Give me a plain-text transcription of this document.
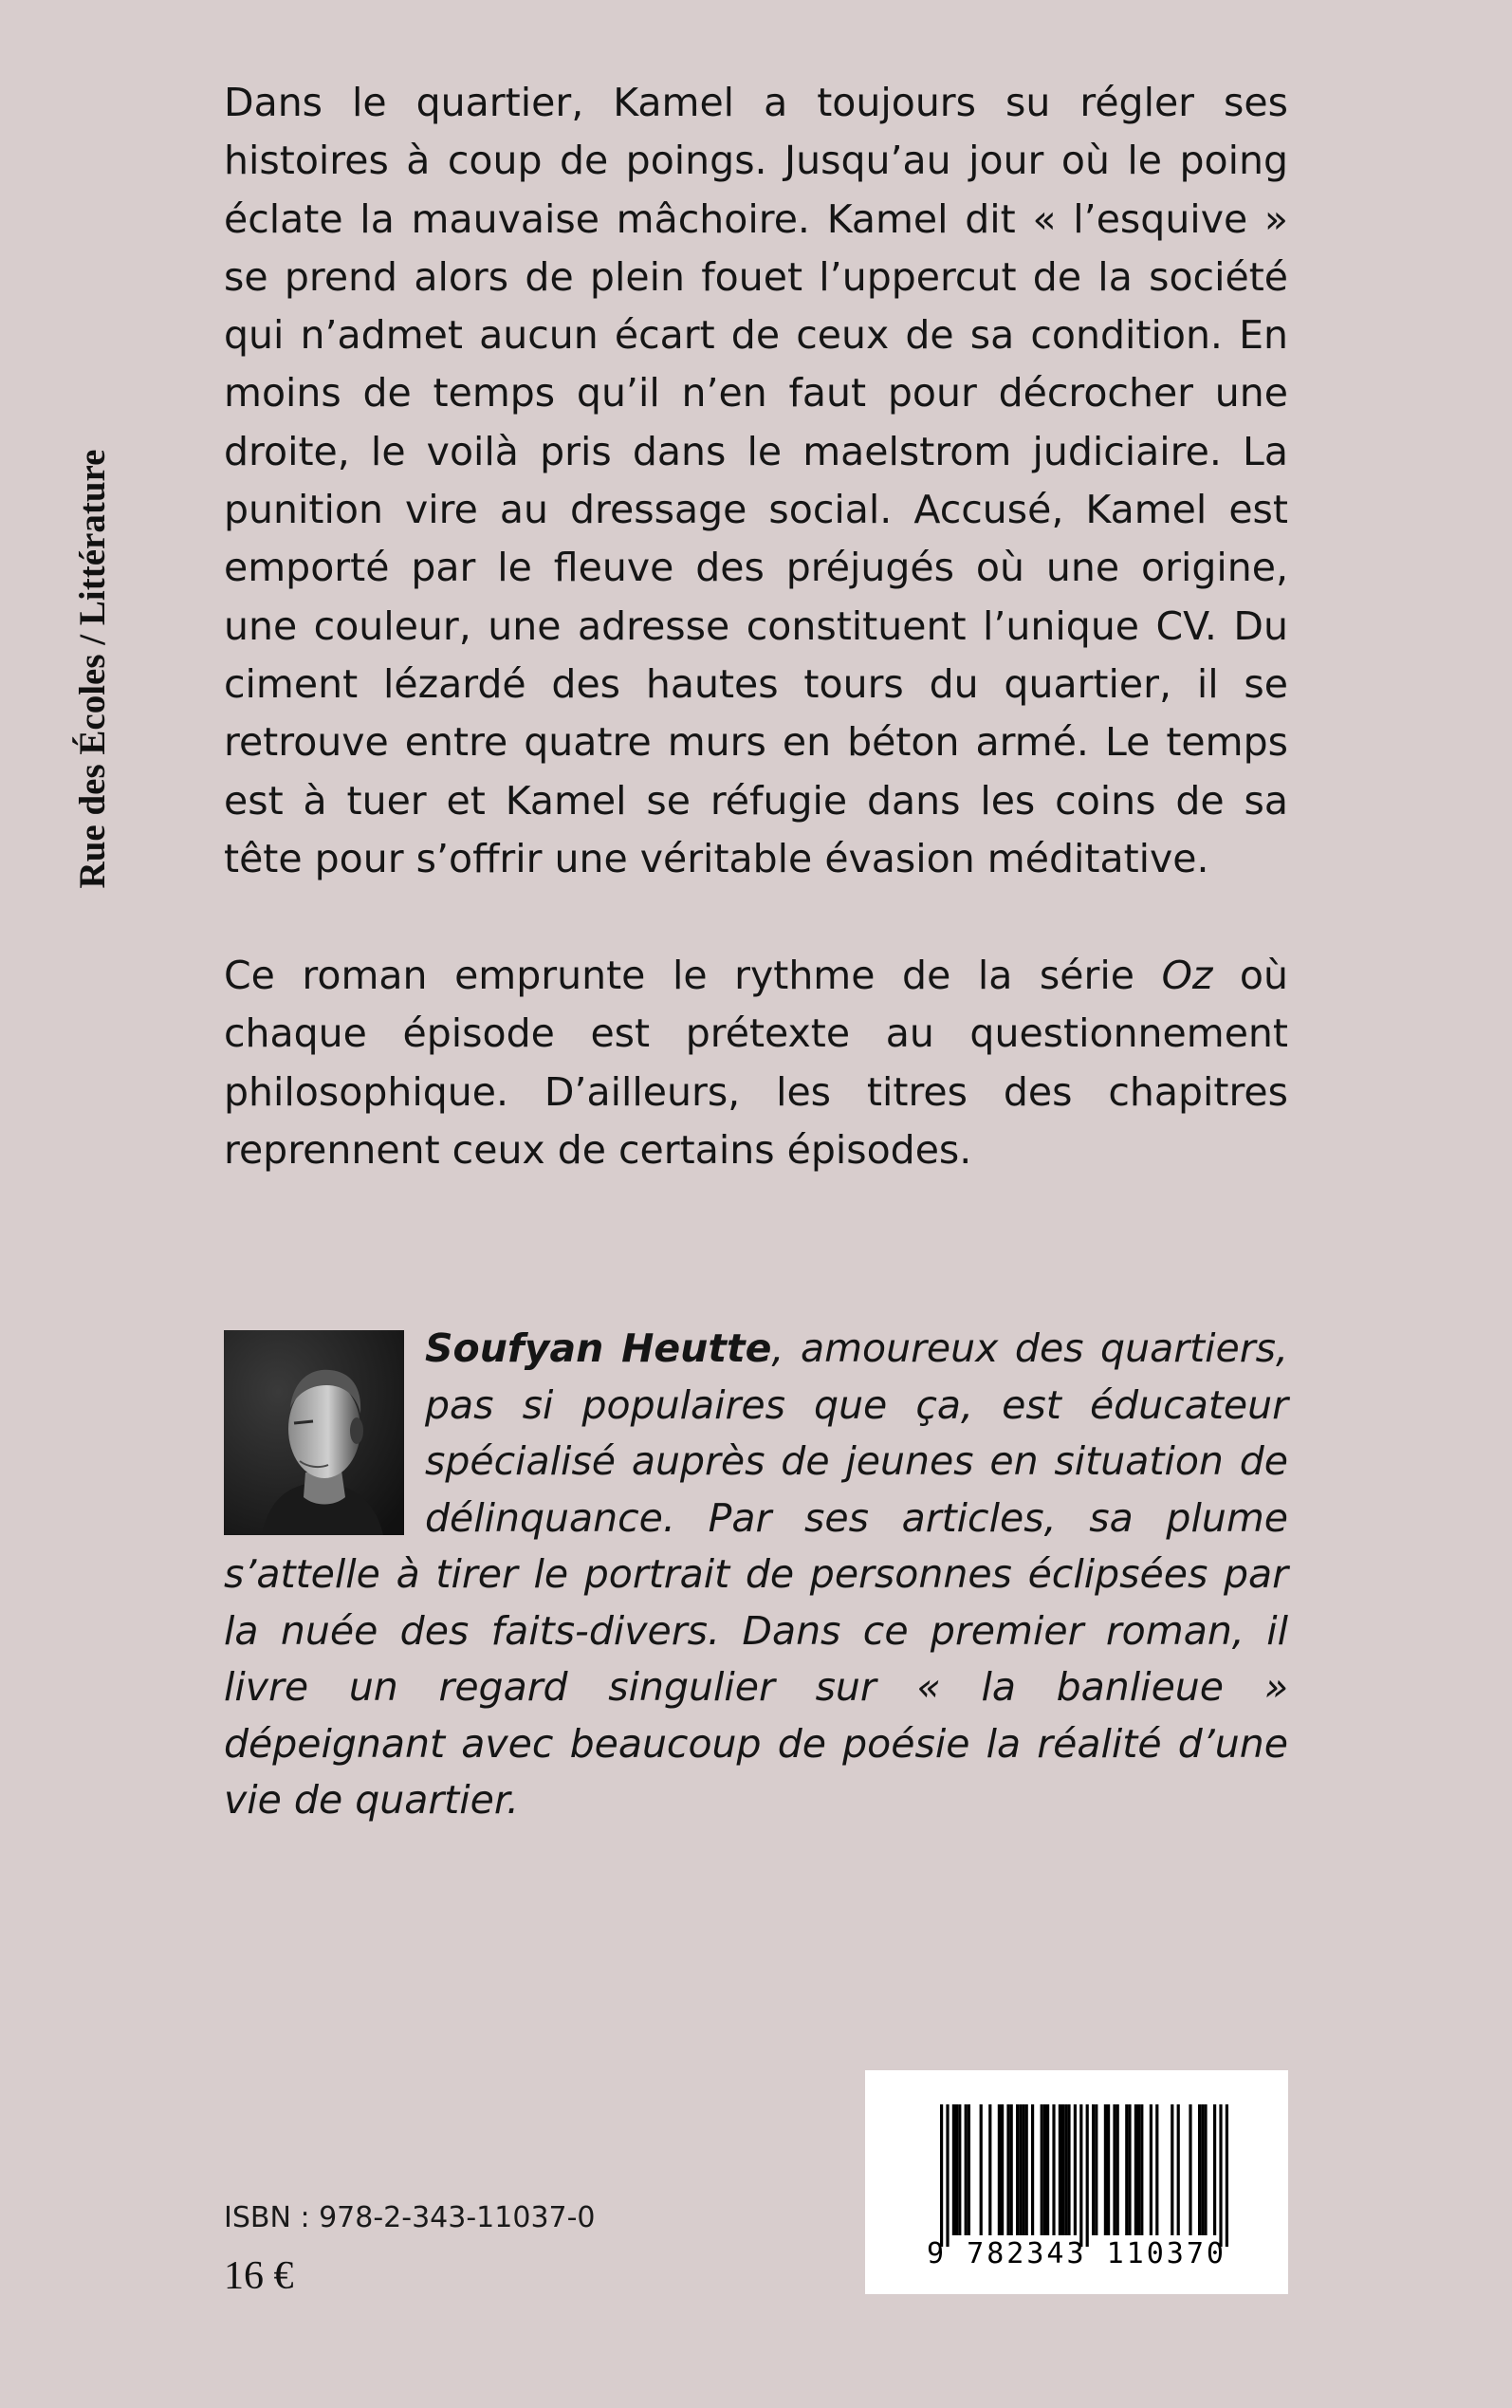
Rue des Écoles / Littérature

Dans le quartier, Kamel a toujours su régler ses histoires à coup de poings. Jusqu’au jour où le poing éclate la mauvaise mâchoire. Kamel dit « l’esquive » se prend alors de plein fouet l’uppercut de la société qui n’admet aucun écart de ceux de sa condition. En moins de temps qu’il n’en faut pour décrocher une droite, le voilà pris dans le maelstrom judiciaire. La punition vire au dressage social. Accusé, Kamel est emporté par le fleuve des préjugés où une origine, une couleur, une adresse constituent l’unique CV. Du ciment lézardé des hautes tours du quartier, il se retrouve entre quatre murs en béton armé. Le temps est à tuer et Kamel se réfugie dans les coins de sa tête pour s’offrir une véritable évasion méditative.

Ce roman emprunte le rythme de la série Oz où chaque épisode est prétexte au questionnement philosophique. D’ailleurs, les titres des chapitres reprennent ceux de certains épisodes.

Soufyan Heutte, amoureux des quartiers, pas si populaires que ça, est éducateur spécialisé auprès de jeunes en situation de délinquance. Par ses articles, sa plume s’attelle à tirer le portrait de personnes éclipsées par la nuée des faits-divers. Dans ce premier roman, il livre un regard singulier sur « la banlieue » dépeignant avec beaucoup de poésie la réalité d’une vie de quartier.
ISBN : 978-2-343-11037-0
16 €
9 782343 110370
